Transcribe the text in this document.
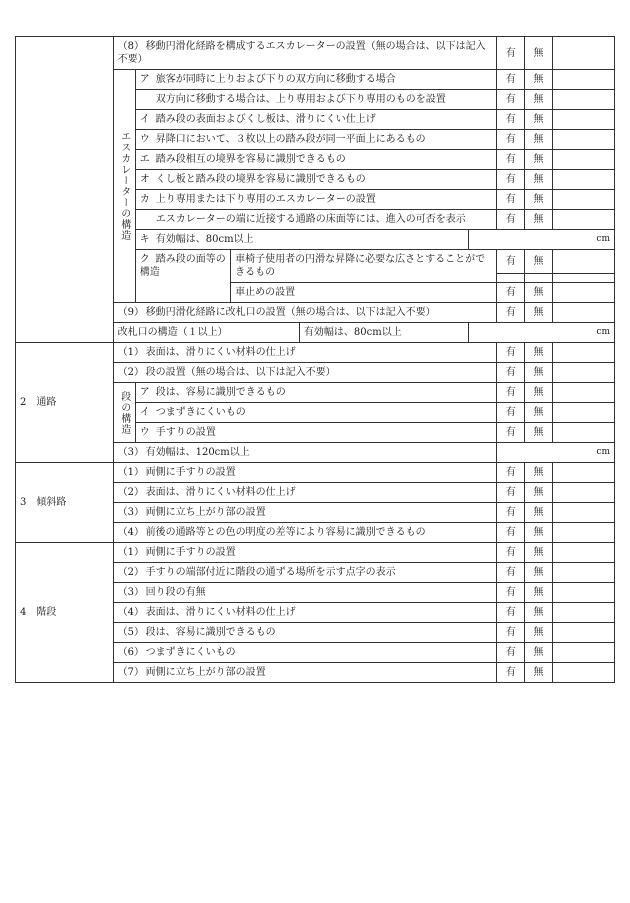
	（8） 移動円滑化経路を構成するエスカレーターの設置（無の場合は、以下は記入不要）					有	無	
	エスカレーターの構造	ア 旅客が同時に上りおよび下りの双方向に移動する場合				有	無	
		双方向に移動する場合は、上り専用および下り専用のものを設置				有	無	
		イ 踏み段の表面およびくし板は、滑りにくい仕上げ				有	無	
		ウ 昇降口において、３枚以上の踏み段が同一平面上にあるもの				有	無	
		エ 踏み段相互の境界を容易に識別できるもの				有	無	
		オ くし板と踏み段の境界を容易に識別できるもの				有	無	
		カ 上り専用または下り専用のエスカレーターの設置				有	無	
		エスカレーターの端に近接する通路の床面等には、進入の可否を表示				有	無	
		キ 有効幅は、80cm以上			cm			
		ク 踏み段の面等の構造	車椅子使用者の円滑な昇降に必要な広さとすることができるもの			有	無	

			車止めの設置			有	無	
	（9） 移動円滑化経路に改札口の設置（無の場合は、以下は記入不要）					有	無	
	改札口の構造（１以上）			有効幅は、80cm以上	cm			
2　通路	（1） 表面は、滑りにくい材料の仕上げ					有	無	
	（2） 段の設置（無の場合は、以下は記入不要）					有	無	
	段の構造	ア 段は、容易に識別できるもの				有	無	
		イ つまずきにくいもの				有	無	
		ウ 手すりの設置				有	無	
	（3） 有効幅は、120cm以上					cm		
3　傾斜路	（1） 両側に手すりの設置					有	無	
	（2） 表面は、滑りにくい材料の仕上げ					有	無	
	（3） 両側に立ち上がり部の設置					有	無	
	（4） 前後の通路等との色の明度の差等により容易に識別できるもの					有	無	
4　階段	（1） 両側に手すりの設置					有	無	
	（2） 手すりの端部付近に階段の通ずる場所を示す点字の表示					有	無	
	（3） 回り段の有無					有	無	
	（4） 表面は、滑りにくい材料の仕上げ					有	無	
	（5） 段は、容易に識別できるもの					有	無	
	（6） つまずきにくいもの					有	無	
	（7） 両側に立ち上がり部の設置					有	無	
